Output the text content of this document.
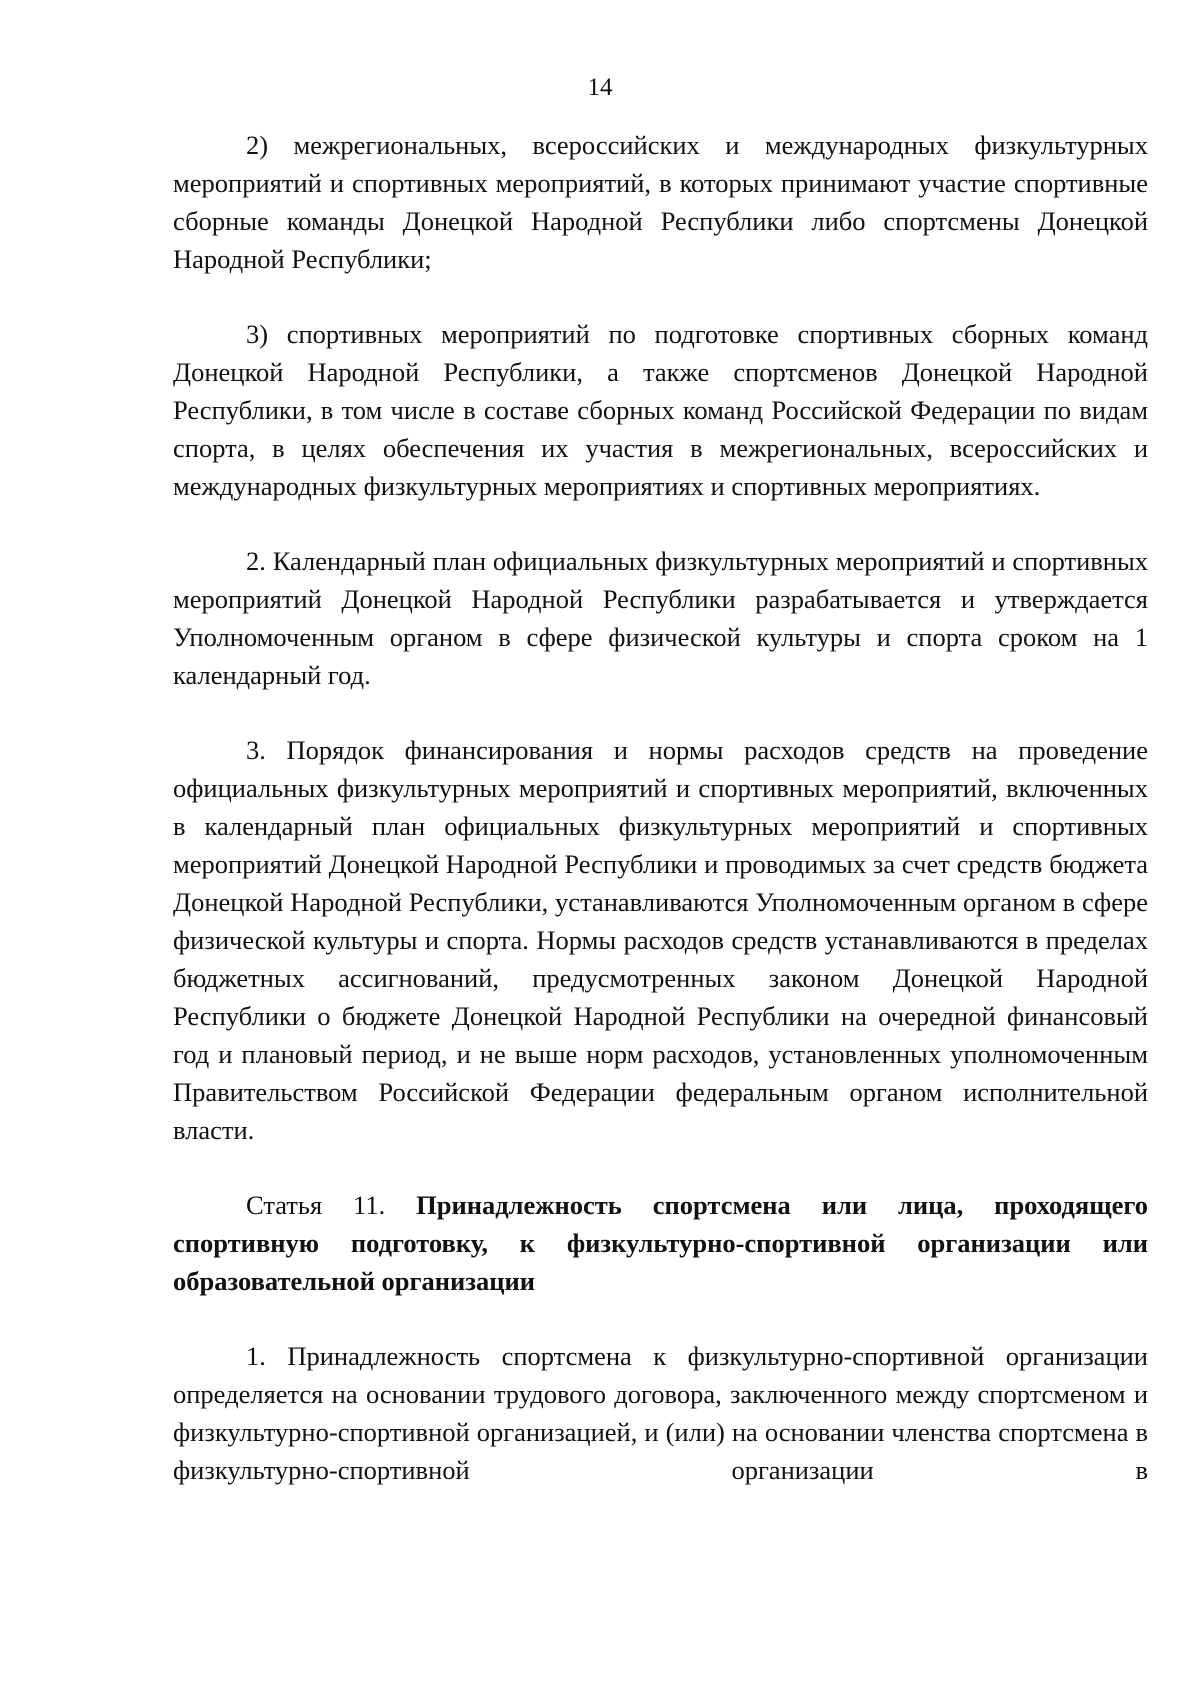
14

2) межрегиональных, всероссийских и международных физкультурных мероприятий и спортивных мероприятий, в которых принимают участие спортивные сборные команды Донецкой Народной Республики либо спортсмены Донецкой Народной Республики;

3) спортивных мероприятий по подготовке спортивных сборных команд Донецкой Народной Республики, а также спортсменов Донецкой Народной Республики, в том числе в составе сборных команд Российской Федерации по видам спорта, в целях обеспечения их участия в межрегиональных, всероссийских и международных физкультурных мероприятиях и спортивных мероприятиях.

2. Календарный план официальных физкультурных мероприятий и спортивных мероприятий Донецкой Народной Республики разрабатывается и утверждается Уполномоченным органом в сфере физической культуры и спорта сроком на 1 календарный год.

3. Порядок финансирования и нормы расходов средств на проведение официальных физкультурных мероприятий и спортивных мероприятий, включенных в календарный план официальных физкультурных мероприятий и спортивных мероприятий Донецкой Народной Республики и проводимых за счет средств бюджета Донецкой Народной Республики, устанавливаются Уполномоченным органом в сфере физической культуры и спорта. Нормы расходов средств устанавливаются в пределах бюджетных ассигнований, предусмотренных законом Донецкой Народной Республики о бюджете Донецкой Народной Республики на очередной финансовый год и плановый период, и не выше норм расходов, установленных уполномоченным Правительством Российской Федерации федеральным органом исполнительной власти.

Статья 11. Принадлежность спортсмена или лица, проходящего спортивную подготовку, к физкультурно-спортивной организации или образовательной организации

1. Принадлежность спортсмена к физкультурно-спортивной организации определяется на основании трудового договора, заключенного между спортсменом и физкультурно-спортивной организацией, и (или) на основании членства спортсмена в физкультурно-спортивной организации в
